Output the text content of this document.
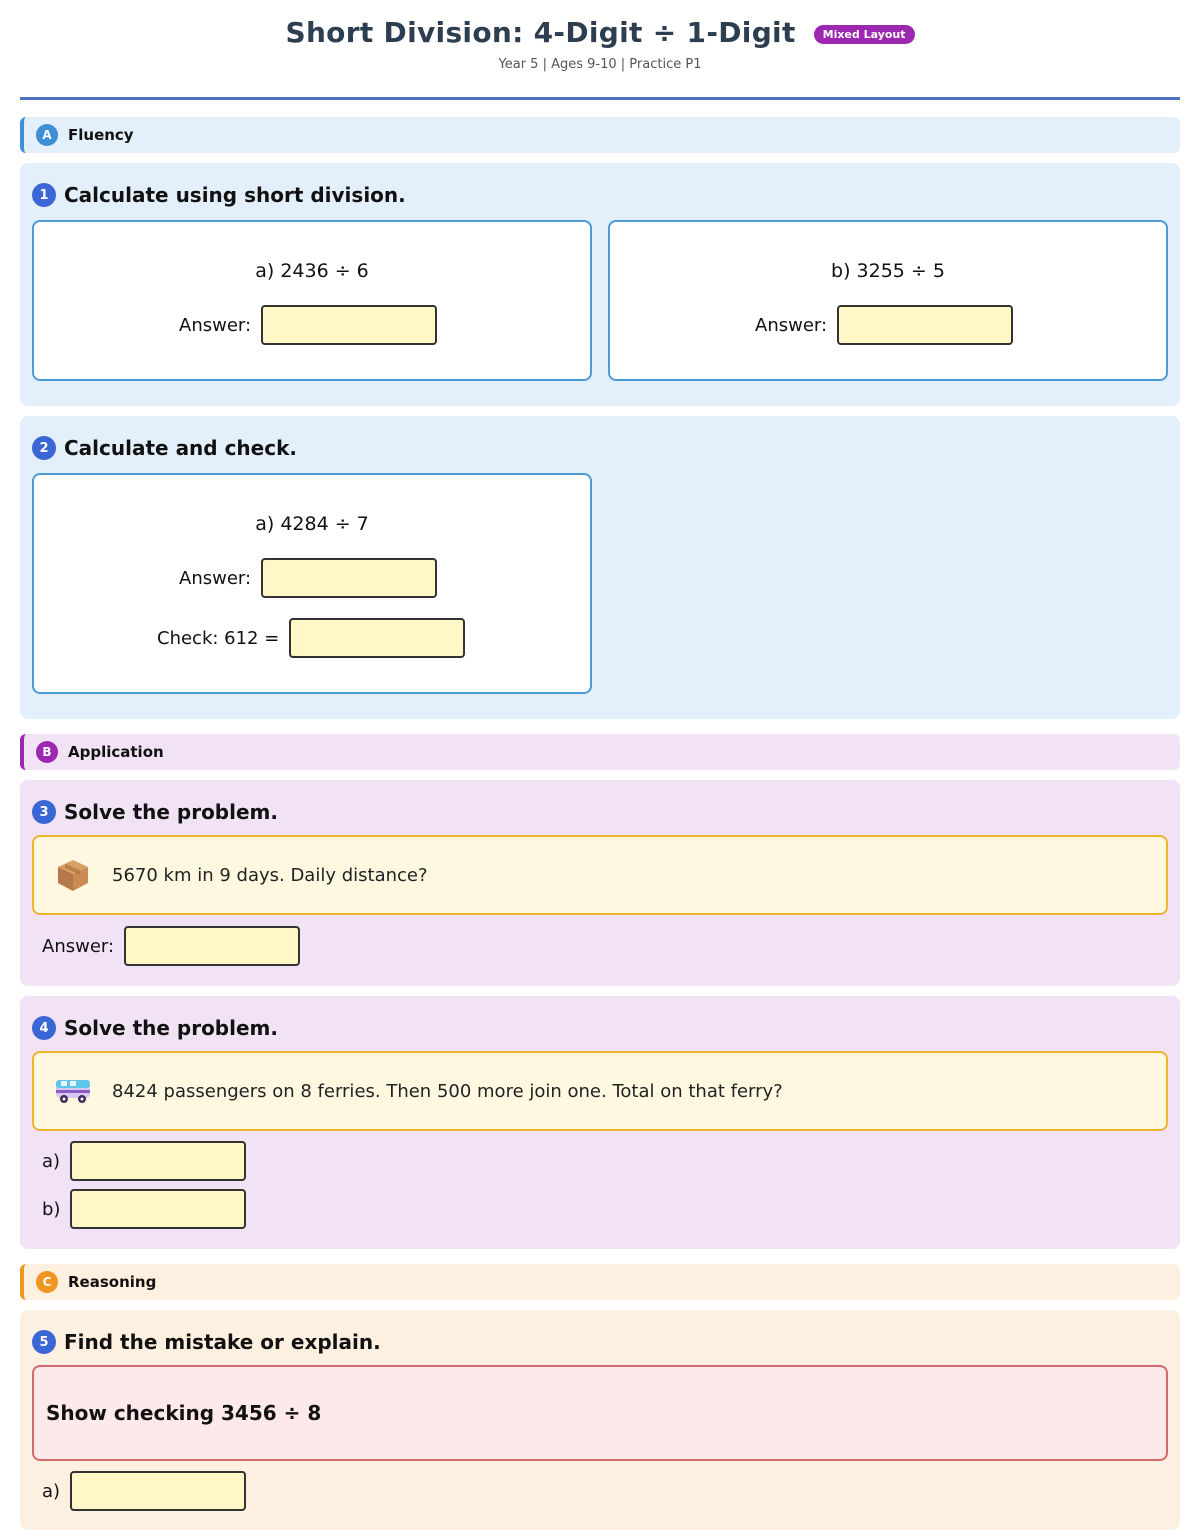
Short Division: 4-Digit ÷ 1-Digit	Mixed Layout
Year 5 | Ages 9-10 | Practice P1
A	Fluency
1 Calculate using short division.
a) 2436 ÷ 6
Answer:
b) 3255 ÷ 5
Answer:
2 Calculate and check.
a) 4284 ÷ 7
Answer:
Check: 612 =
B	Application
3 Solve the problem.
5670 km in 9 days. Daily distance?
Answer:
4 Solve the problem.
8424 passengers on 8 ferries. Then 500 more join one. Total on that ferry?
a)
b)
C	Reasoning
5 Find the mistake or explain.
Show checking 3456 ÷ 8
a)
